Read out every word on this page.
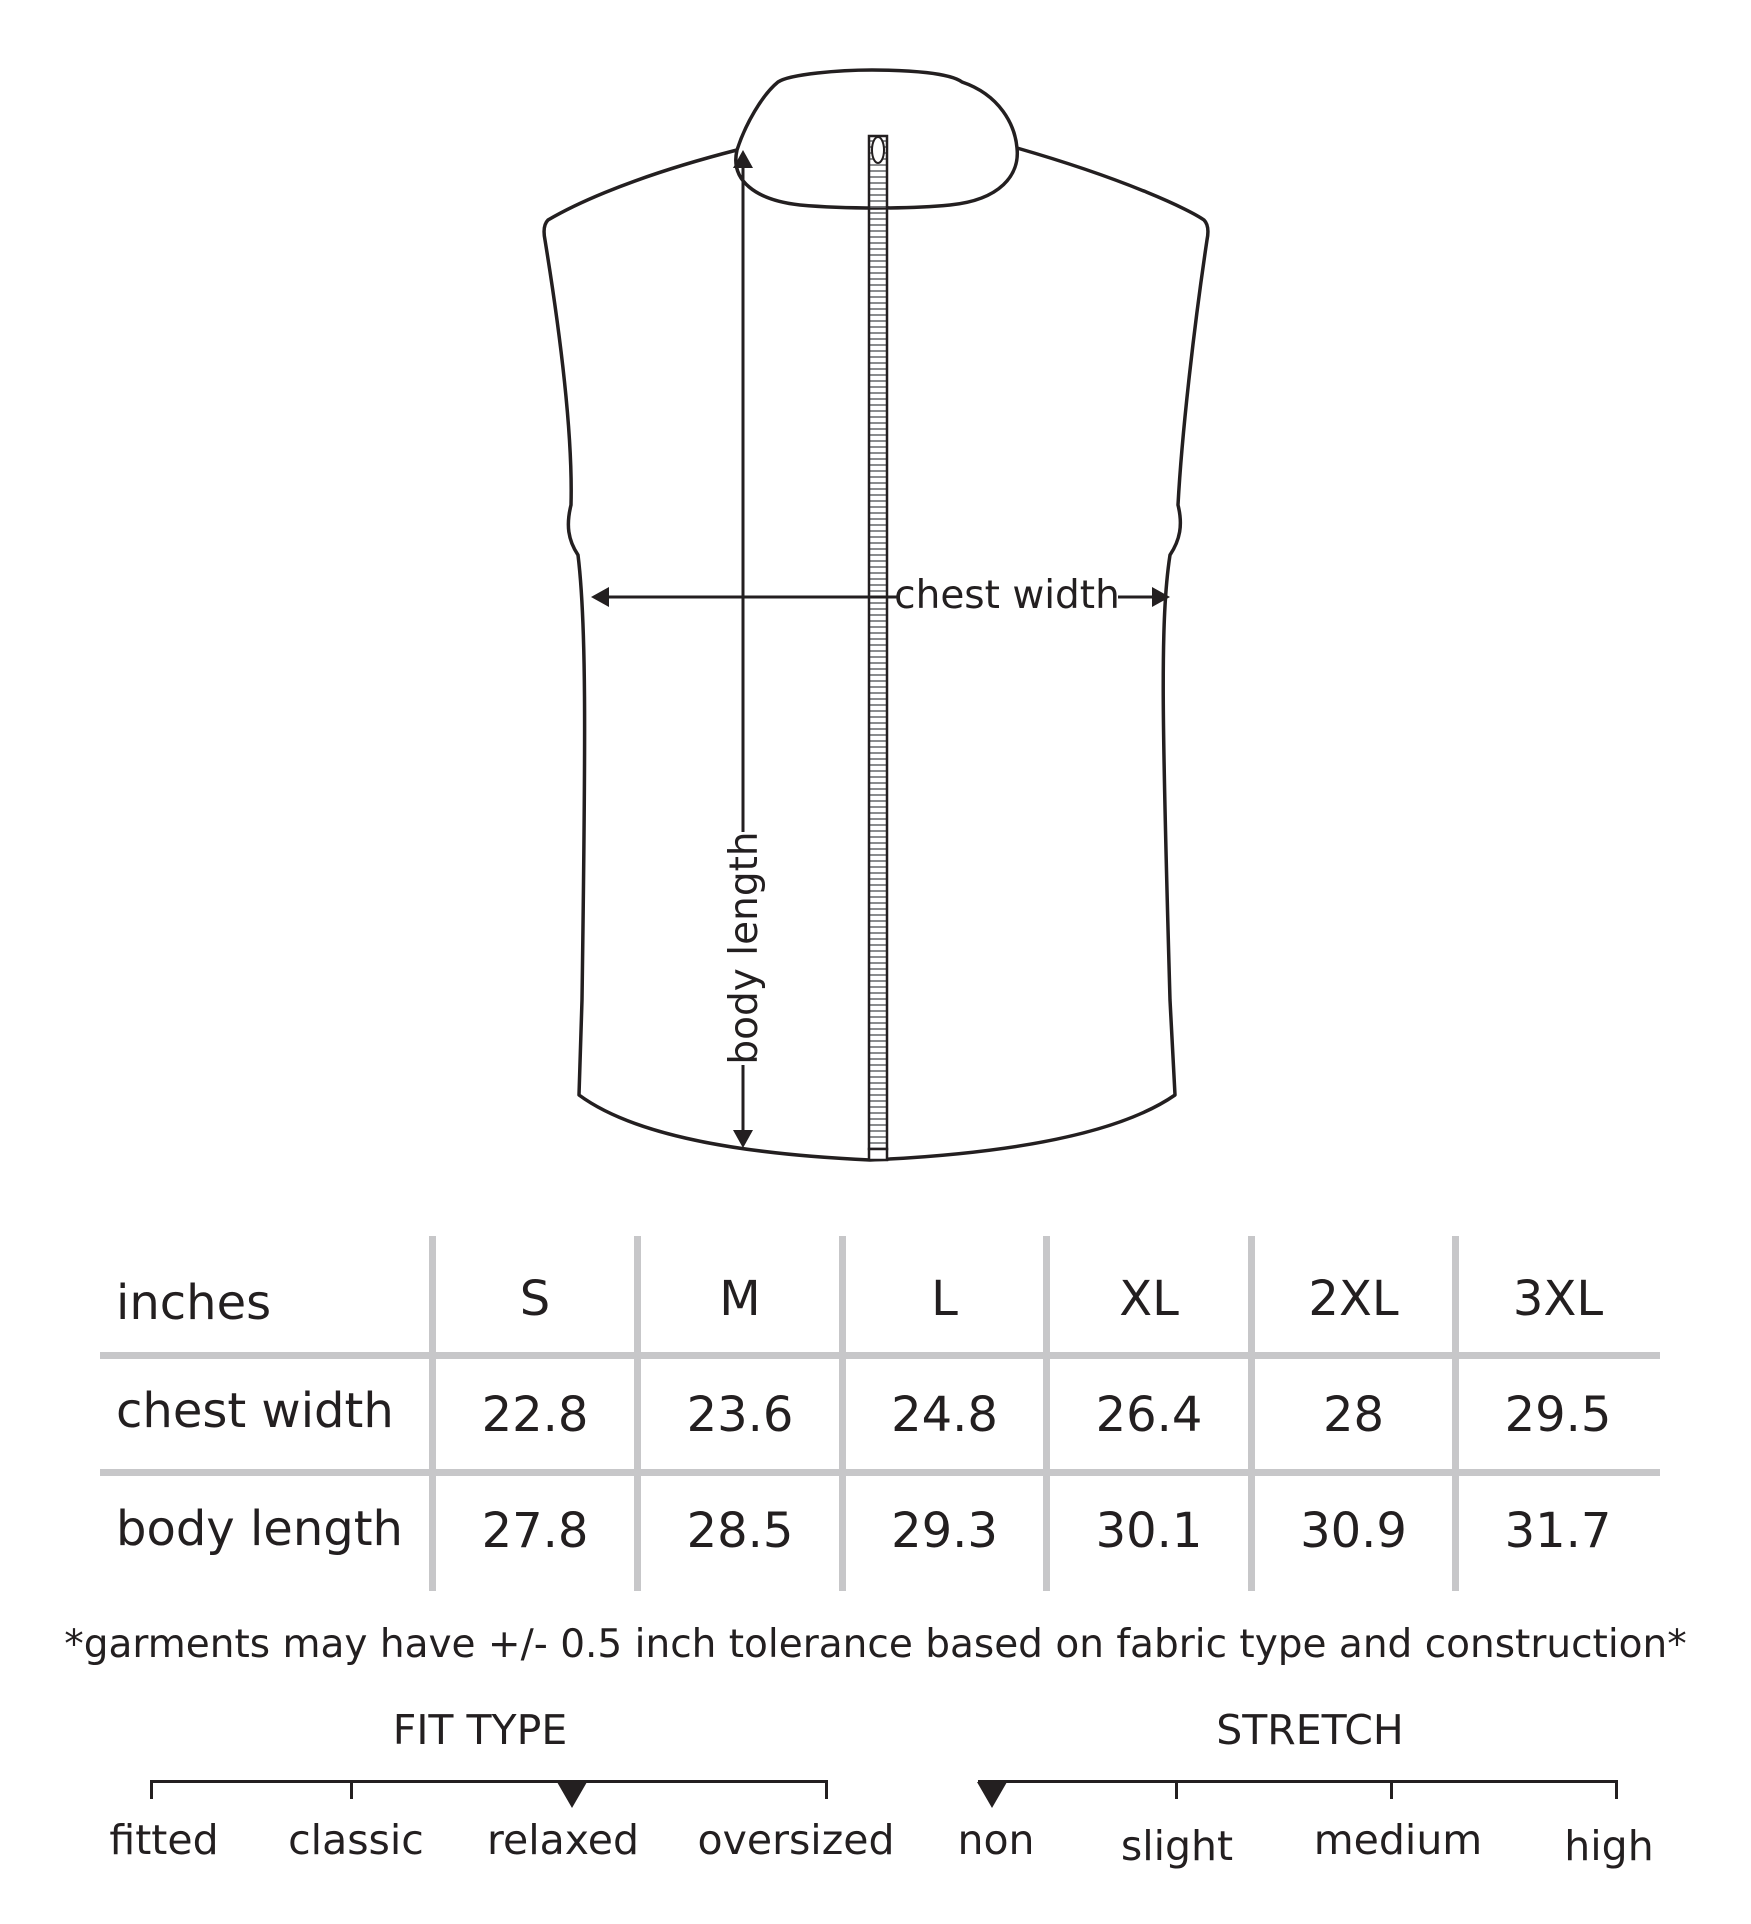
chest width
body length
inches	S	M	L	XL	2XL	3XL
chest width	22.8	23.6	24.8	26.4	28	29.5
body length	27.8	28.5	29.3	30.1	30.9	31.7
*garments may have +/- 0.5 inch tolerance based on fabric type and construction*
FIT TYPE
fitted	classic	relaxed	oversized
STRETCH
non	slight	medium	high
